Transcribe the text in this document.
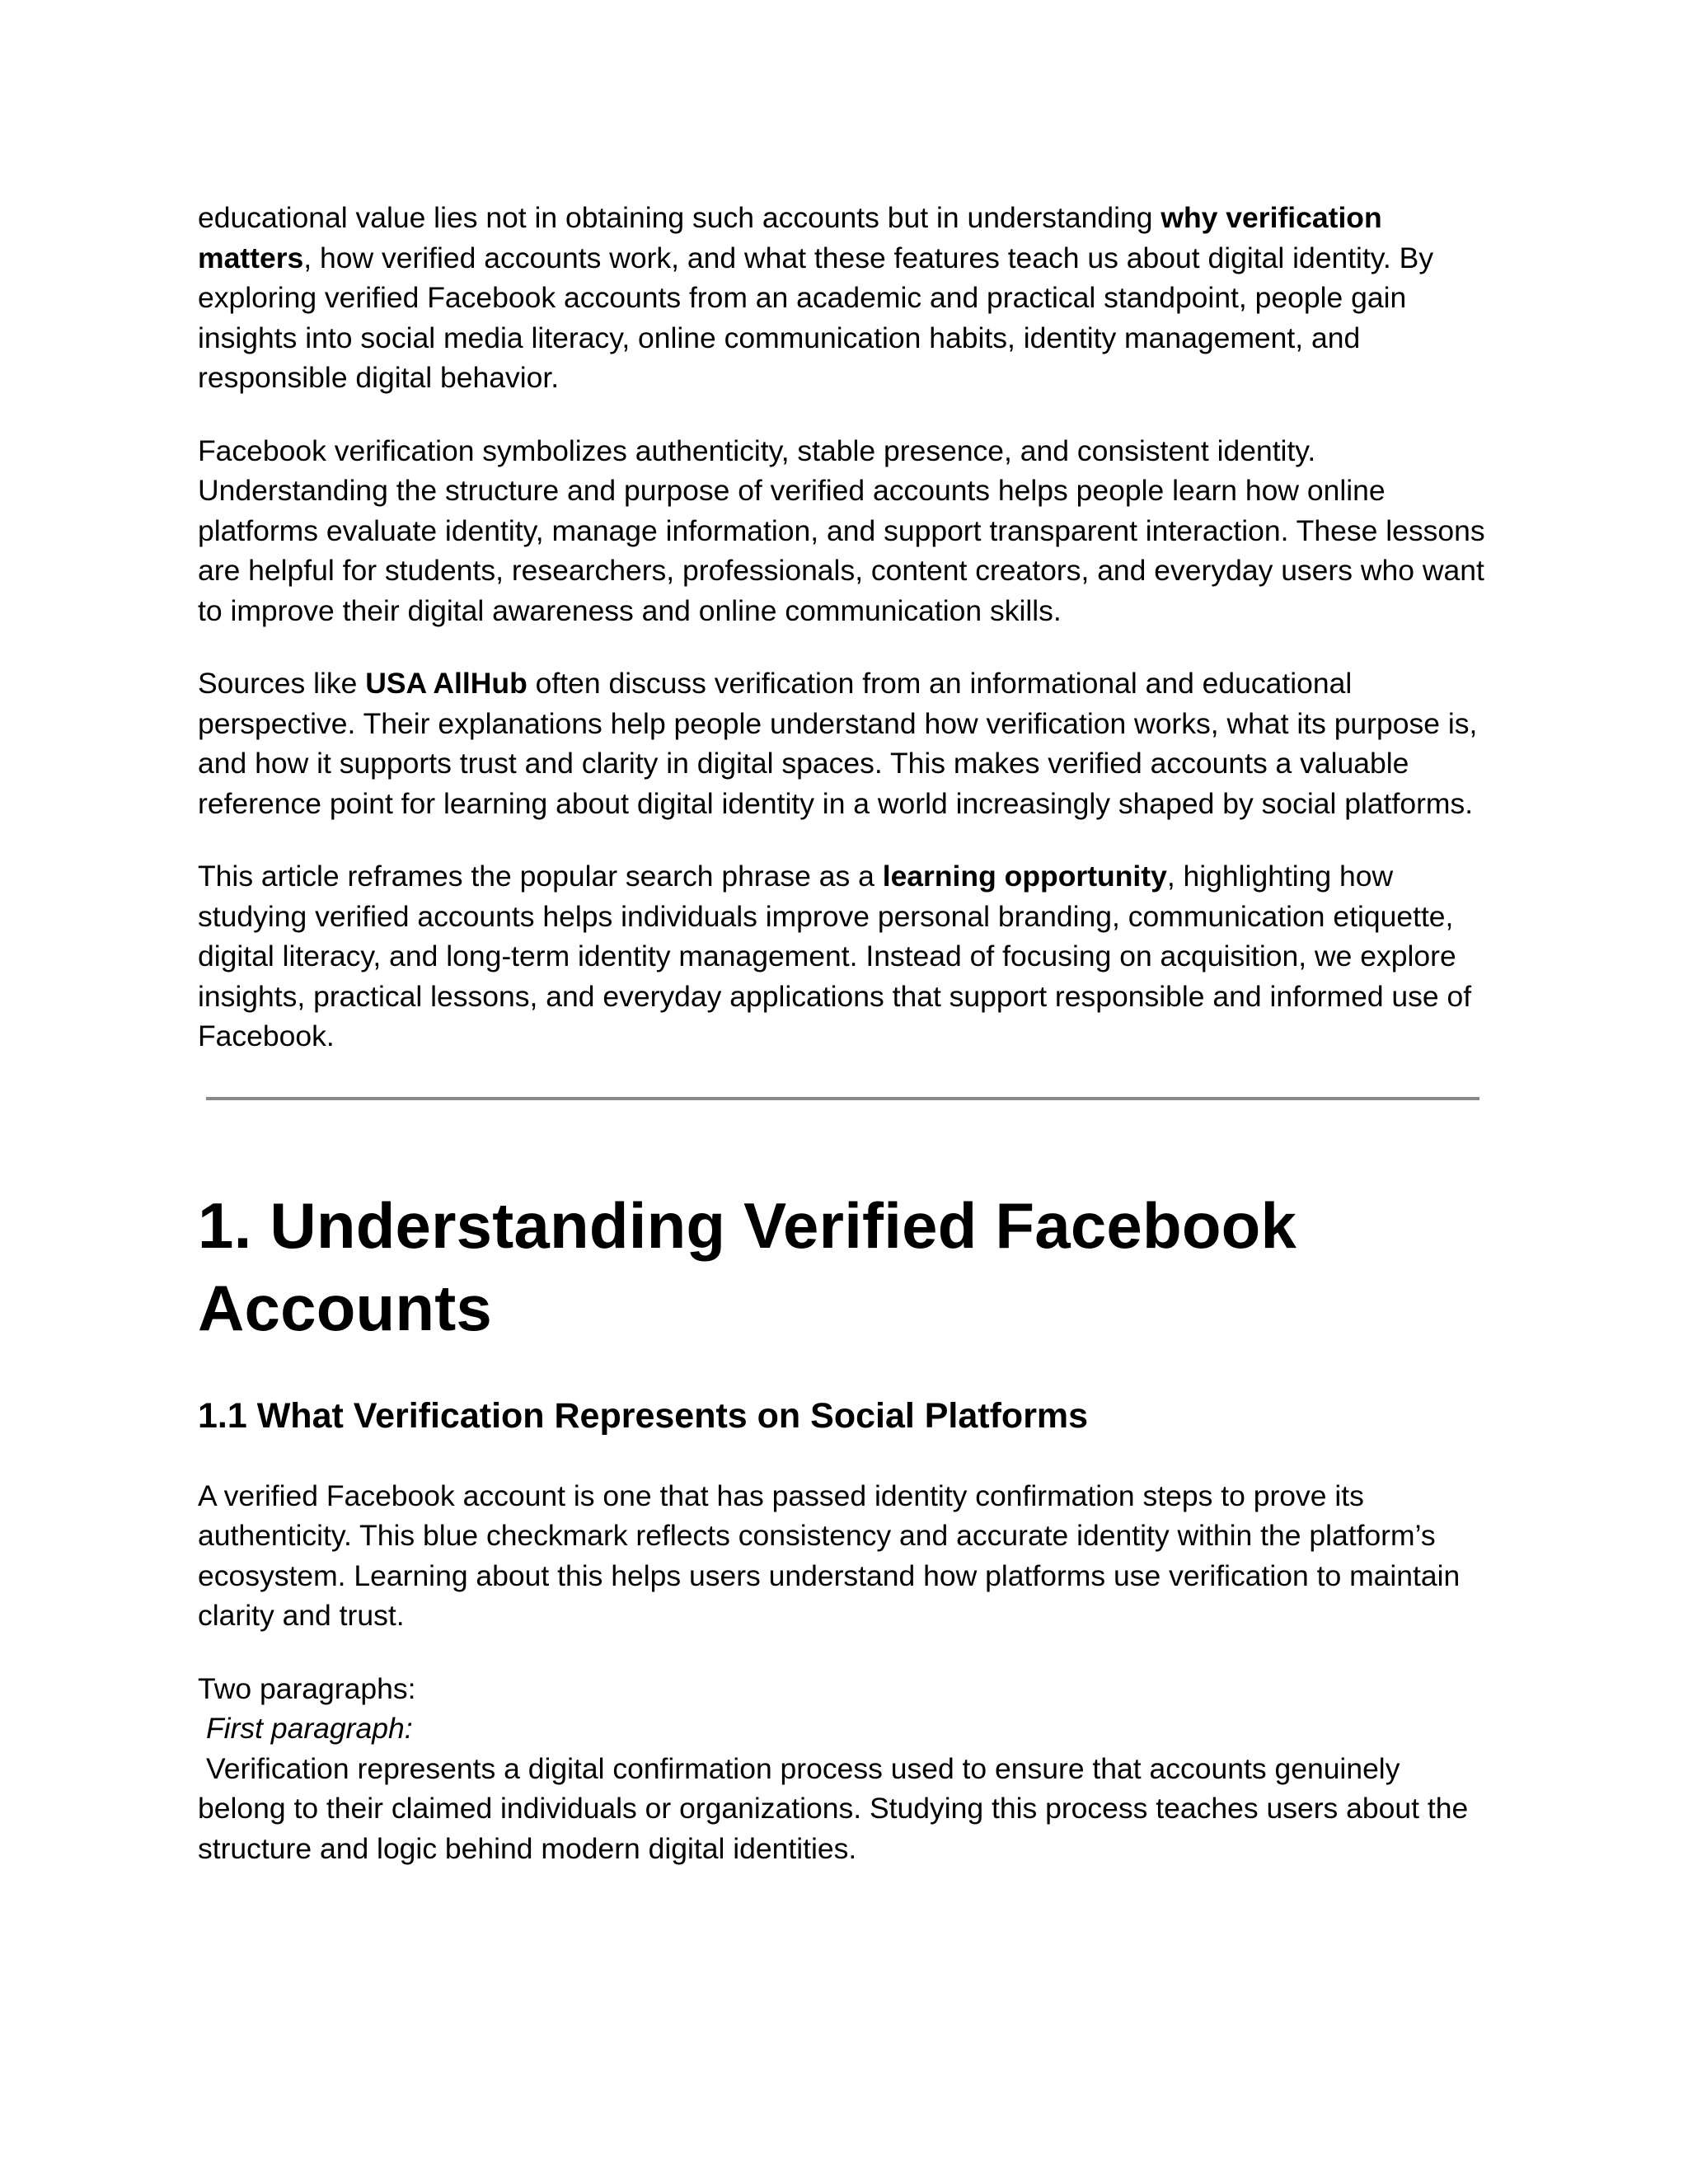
educational value lies not in obtaining such accounts but in understanding why verification matters, how verified accounts work, and what these features teach us about digital identity. By exploring verified Facebook accounts from an academic and practical standpoint, people gain insights into social media literacy, online communication habits, identity management, and responsible digital behavior.

Facebook verification symbolizes authenticity, stable presence, and consistent identity. Understanding the structure and purpose of verified accounts helps people learn how online platforms evaluate identity, manage information, and support transparent interaction. These lessons are helpful for students, researchers, professionals, content creators, and everyday users who want to improve their digital awareness and online communication skills.

Sources like USA AllHub often discuss verification from an informational and educational perspective. Their explanations help people understand how verification works, what its purpose is, and how it supports trust and clarity in digital spaces. This makes verified accounts a valuable reference point for learning about digital identity in a world increasingly shaped by social platforms.

This article reframes the popular search phrase as a learning opportunity, highlighting how studying verified accounts helps individuals improve personal branding, communication etiquette, digital literacy, and long-term identity management. Instead of focusing on acquisition, we explore insights, practical lessons, and everyday applications that support responsible and informed use of Facebook.

1. Understanding Verified Facebook
Accounts
1.1 What Verification Represents on Social Platforms

A verified Facebook account is one that has passed identity confirmation steps to prove its authenticity. This blue checkmark reflects consistency and accurate identity within the platform’s ecosystem. Learning about this helps users understand how platforms use verification to maintain clarity and trust.

Two paragraphs:
First paragraph:
Verification represents a digital confirmation process used to ensure that accounts genuinely belong to their claimed individuals or organizations. Studying this process teaches users about the structure and logic behind modern digital identities.
